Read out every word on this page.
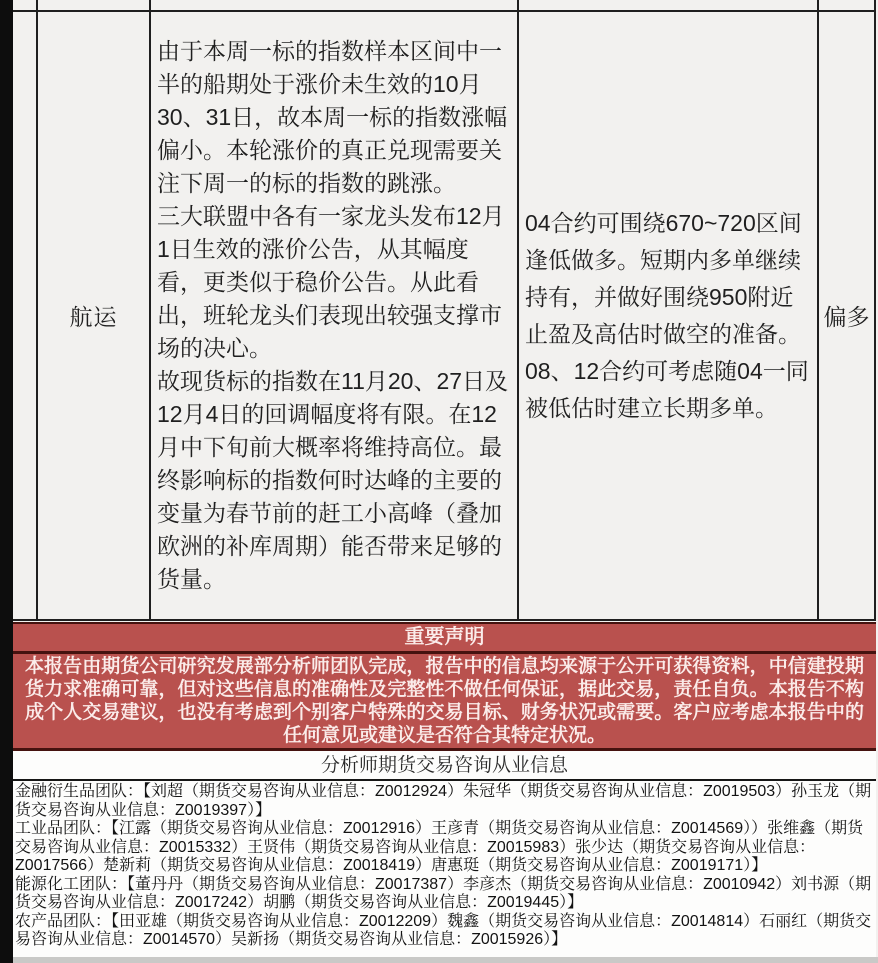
	航运	由于本周一标的指数样本区间中一半的船期处于涨价未生效的10月30、31日，故本周一标的指数涨幅偏小。本轮涨价的真正兑现需要关注下周一的标的指数的跳涨。
三大联盟中各有一家龙头发布12月1日生效的涨价公告，从其幅度看，更类似于稳价公告。从此看出，班轮龙头们表现出较强支撑市场的决心。
故现货标的指数在11月20、27日及12月4日的回调幅度将有限。在12月中下旬前大概率将维持高位。最终影响标的指数何时达峰的主要的变量为春节前的赶工小高峰（叠加欧洲的补库周期）能否带来足够的货量。	04合约可围绕670~720区间逢低做多。短期内多单继续持有，并做好围绕950附近止盈及高估时做空的准备。08、12合约可考虑随04一同被低估时建立长期多单。	偏多
重要声明
本报告由期货公司研究发展部分析师团队完成，报告中的信息均来源于公开可获得资料，中信建投期货力求准确可靠，但对这些信息的准确性及完整性不做任何保证，据此交易，责任自负。本报告不构成个人交易建议，也没有考虑到个别客户特殊的交易目标、财务状况或需要。客户应考虑本报告中的任何意见或建议是否符合其特定状况。
分析师期货交易咨询从业信息
金融衍生品团队：【刘超（期货交易咨询从业信息：Z0012924）朱冠华（期货交易咨询从业信息：Z0019503）孙玉龙（期货交易咨询从业信息：Z0019397）】
工业品团队：【江露（期货交易咨询从业信息：Z0012916）王彦青（期货交易咨询从业信息：Z0014569））张维鑫（期货交易咨询从业信息：Z0015332）王贤伟（期货交易咨询从业信息：Z0015983）张少达（期货交易咨询从业信息：Z0017566）楚新莉（期货交易咨询从业信息：Z0018419）唐惠珽（期货交易咨询从业信息：Z0019171）】
能源化工团队：【董丹丹（期货交易咨询从业信息：Z0017387）李彦杰（期货交易咨询从业信息：Z0010942）刘书源（期货交易咨询从业信息：Z0017242）胡鹏（期货交易咨询从业信息：Z0019445）】
农产品团队：【田亚雄（期货交易咨询从业信息：Z0012209）魏鑫（期货交易咨询从业信息：Z0014814）石丽红（期货交易咨询从业信息：Z0014570）吴新扬（期货交易咨询从业信息：Z0015926）】
